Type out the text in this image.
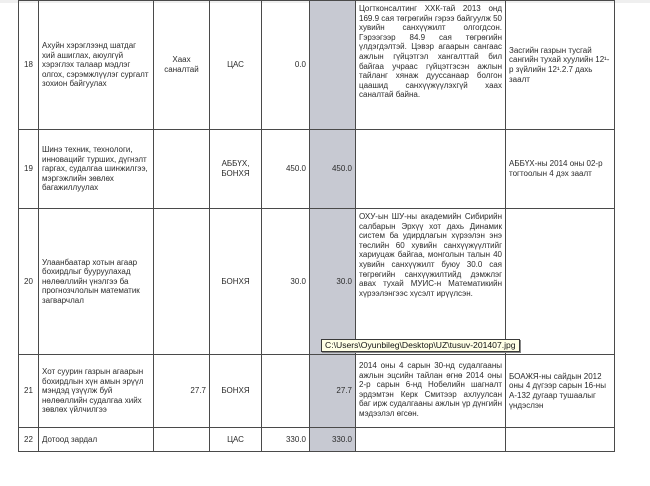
18	Ахуйн хэрэглээнд шатдаг хий ашиглах, аюулгүй хэрэглэх талаар мэдлэг олгох, сэрэмжлүүлэг сургалт зохион байгуулах	Хаах саналтай	ЦАС	0.0		Цогтконсалтинг ХХК-тай 2013 онд 169.9 сая төгрөгийн гэрээ байгуулж 50 хувийн санхүүжилт олгогдсон. Гэрээгээр 84.9 сая төгрөгийн үлдэгдэлтэй. Цэвэр агаарын сангаас ажлын гүйцэтгэл хангалттай бил байгаа учраас гүйцэтгэсэн ажлын тайланг хянаж дууссанаар болгон цаашид санхүүжүүлэхгүй хаах саналтай байна.	Засгийн газрын тусгай сангийн тухай хуулийн 12¹-р зүйлийн 12¹.2.7 дахь заалт
19	Шинэ техник, технологи, инновацийг турших, дүгнэлт гаргах, судалгаа шинжилгээ, мэргэжлийн зөвлөх багажиллуулах		АББҮХ, БОНХЯ	450.0	450.0		АББҮХ-ны 2014 оны 02-р тогтоолын 4 дэх заалт
20	Улаанбаатар хотын агаар бохирдлыг бууруулахад нөлөөллийн үнэлгээ ба прогнозчлолын математик загварчлал		БОНХЯ	30.0	30.0	ОХУ-ын ШУ-ны академийн Сибирийн салбарын Эрхүү хот дахь Динамик систем ба удирдлагын хүрээлэн энэ төслийн 60 хувийн санхүүжүүлтийг хариуцаж байгаа, монголын талын 40 хувийн санхүүжилт буюу 30.0 сая төгрөгийн санхүүжилтийд дэмжлэг авах тухай МУИС-н Математикийн хүрээлэнгээс хүсэлт ирүүлсэн.	
21	Хот суурин газрын агаарын бохирдлын хүн амын эрүүл мэндэд үзүүлж буй нөлөөллийн судалгаа хийх зөвлөх үйлчилгээ	27.7	БОНХЯ		27.7	2014 оны 4 сарын 30-нд судалгааны ажлын эцсийн тайлан өгнө 2014 оны 2-р сарын 6-нд Нобелийн шагналт эрдэмтэн Керк Смитээр ахлуулсан баг ирж судалгааны ажлын үр дүнгийн мэдээлэл өгсөн.	БОАЖЯ-ны сайдын 2012 оны 4 дүгээр сарын 16-ны А-132 дугаар тушаалыг үндэслэн
22	Дотоод зардал		ЦАС	330.0	330.0		
C:\Users\Oyunbileg\Desktop\UZ\tusuv-201407.jpg
